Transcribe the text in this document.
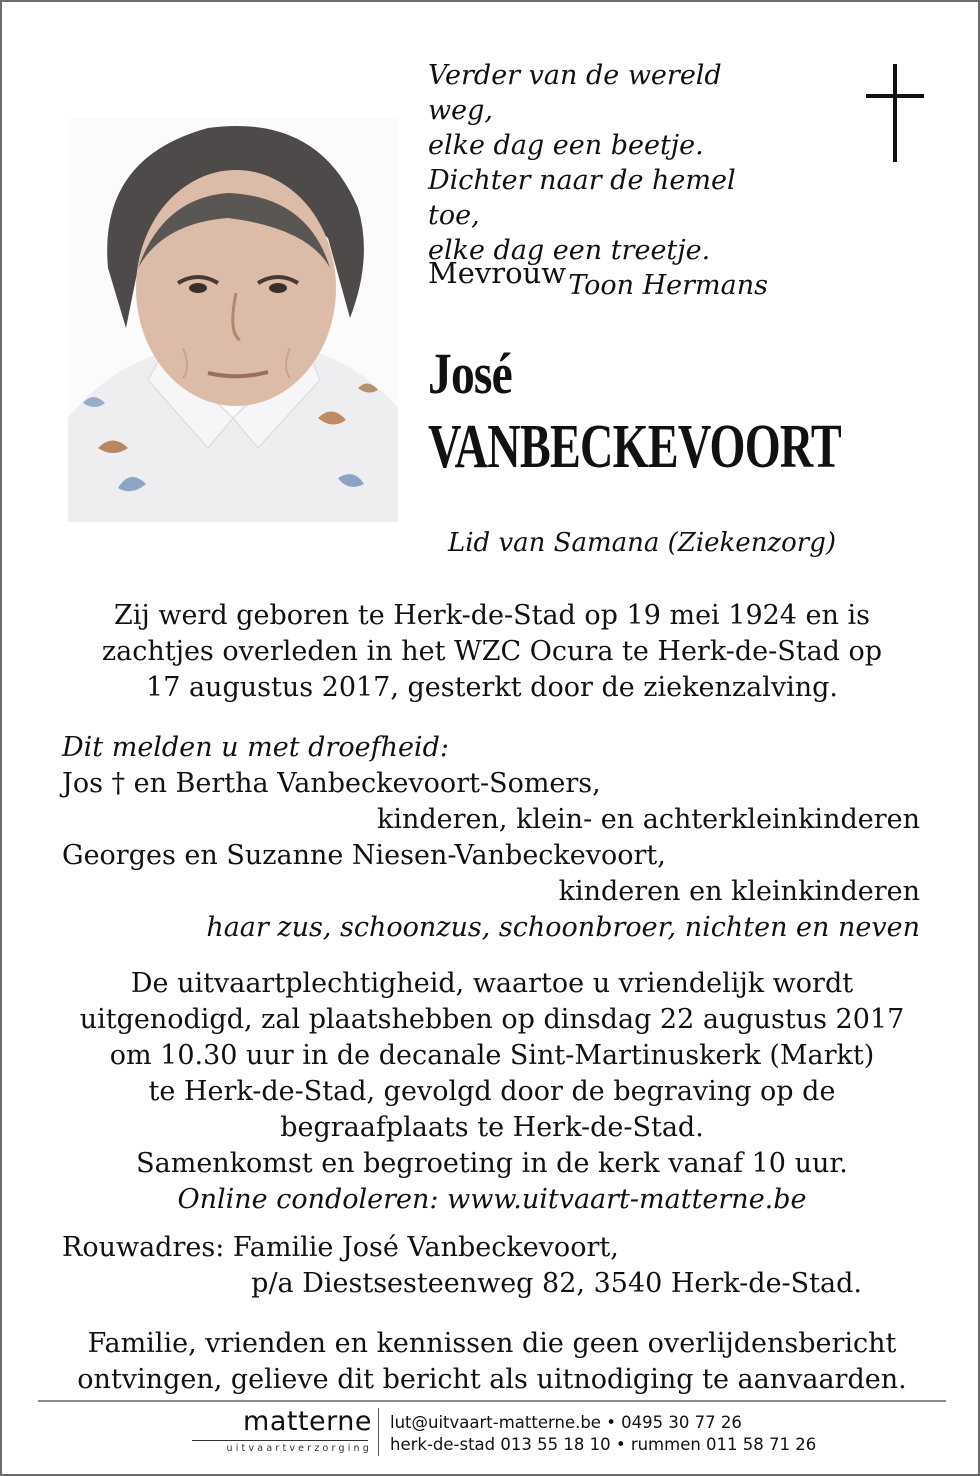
Verder van de wereld weg,
elke dag een beetje.
Dichter naar de hemel toe,
elke dag een treetje.
Toon Hermans
Mevrouw
José
VANBECKEVOORT
Lid van Samana (Ziekenzorg)
Zij werd geboren te Herk-de-Stad op 19 mei 1924 en is
zachtjes overleden in het WZC Ocura te Herk-de-Stad op
17 augustus 2017, gesterkt door de ziekenzalving.
Dit melden u met droefheid:
Jos † en Bertha Vanbeckevoort-Somers,
kinderen, klein- en achterkleinkinderen
Georges en Suzanne Niesen-Vanbeckevoort,
kinderen en kleinkinderen
haar zus, schoonzus, schoonbroer, nichten en neven
De uitvaartplechtigheid, waartoe u vriendelijk wordt
uitgenodigd, zal plaatshebben op dinsdag 22 augustus 2017
om 10.30 uur in de decanale Sint-Martinuskerk (Markt)
te Herk-de-Stad, gevolgd door de begraving op de
begraafplaats te Herk-de-Stad.
Samenkomst en begroeting in de kerk vanaf 10 uur.
Online condoleren: www.uitvaart-matterne.be
Rouwadres: Familie José Vanbeckevoort,
p/a Diestsesteenweg 82, 3540 Herk-de-Stad.
Familie, vrienden en kennissen die geen overlijdensbericht
ontvingen, gelieve dit bericht als uitnodiging te aanvaarden.
matterne
uitvaartverzorging
lut@uitvaart-matterne.be • 0495 30 77 26
herk-de-stad 013 55 18 10 • rummen 011 58 71 26
